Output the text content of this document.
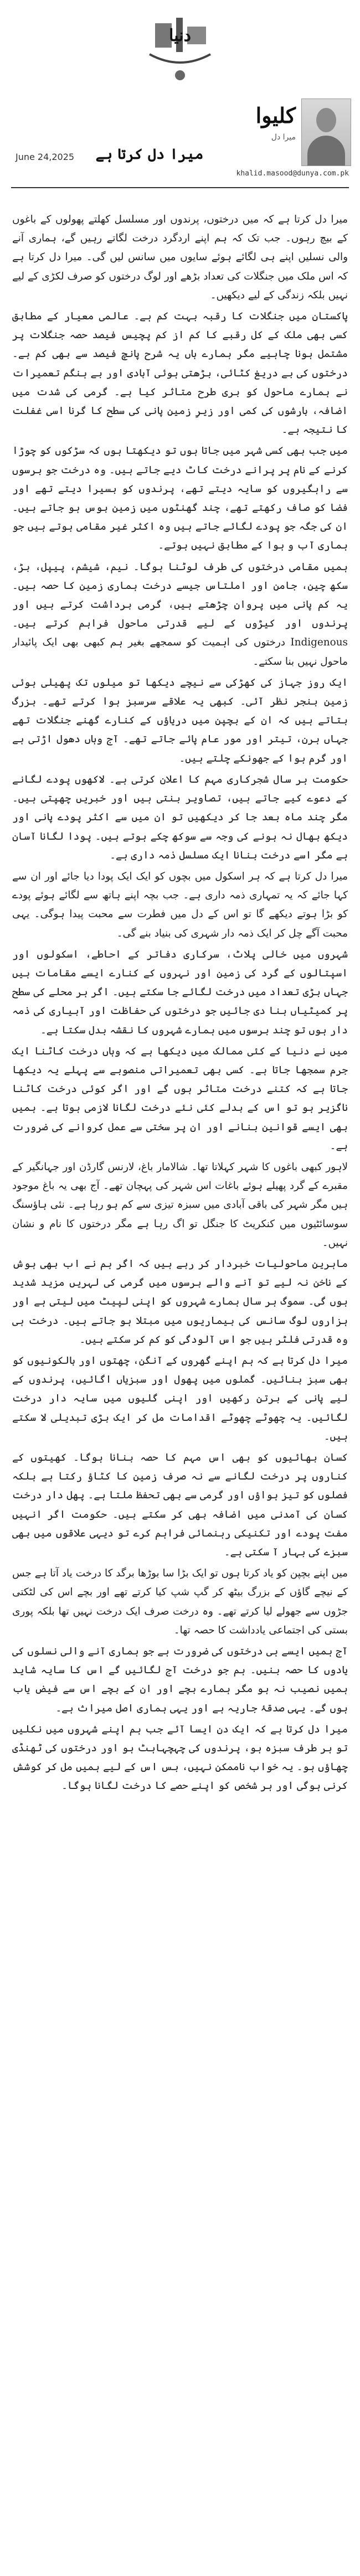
دنیا
کلیوا
میرا دل
khalid.masood@dunya.com.pk
June 24,2025	میرا دل کرتا ہے

میرا دل کرتا ہے کہ میں درختوں، پرندوں اور مسلسل کھلتے پھولوں کے باغوں کے بیچ رہوں۔ جب تک کہ ہم اپنے اردگرد درخت لگاتے رہیں گے، ہماری آنے والی نسلیں اپنے ہی لگائے ہوئے سایوں میں سانس لیں گی۔ میرا دل کرتا ہے کہ اس ملک میں جنگلات کی تعداد بڑھے اور لوگ درختوں کو صرف لکڑی کے لیے نہیں بلکہ زندگی کے لیے دیکھیں۔

پاکستان میں جنگلات کا رقبہ بہت کم ہے۔ عالمی معیار کے مطابق کسی بھی ملک کے کل رقبے کا کم از کم پچیس فیصد حصہ جنگلات پر مشتمل ہونا چاہیے مگر ہمارے ہاں یہ شرح پانچ فیصد سے بھی کم ہے۔ درختوں کی بے دریغ کٹائی، بڑھتی ہوئی آبادی اور بے ہنگم تعمیرات نے ہمارے ماحول کو بری طرح متاثر کیا ہے۔ گرمی کی شدت میں اضافہ، بارشوں کی کمی اور زیرِ زمین پانی کی سطح کا گرنا اسی غفلت کا نتیجہ ہے۔

میں جب بھی کسی شہر میں جاتا ہوں تو دیکھتا ہوں کہ سڑکوں کو چوڑا کرنے کے نام پر پرانے درخت کاٹ دیے جاتے ہیں۔ وہ درخت جو برسوں سے راہگیروں کو سایہ دیتے تھے، پرندوں کو بسیرا دیتے تھے اور فضا کو صاف رکھتے تھے، چند گھنٹوں میں زمین بوس ہو جاتے ہیں۔ ان کی جگہ جو پودے لگائے جاتے ہیں وہ اکثر غیر مقامی ہوتے ہیں جو ہماری آب و ہوا کے مطابق نہیں ہوتے۔

ہمیں مقامی درختوں کی طرف لوٹنا ہوگا۔ نیم، شیشم، پیپل، بڑ، سکھ چین، جامن اور املتاس جیسے درخت ہماری زمین کا حصہ ہیں۔ یہ کم پانی میں پروان چڑھتے ہیں، گرمی برداشت کرتے ہیں اور پرندوں اور کیڑوں کے لیے قدرتی ماحول فراہم کرتے ہیں۔ Indigenous درختوں کی اہمیت کو سمجھے بغیر ہم کبھی بھی ایک پائیدار ماحول نہیں بنا سکتے۔

ایک روز جہاز کی کھڑکی سے نیچے دیکھا تو میلوں تک پھیلی ہوئی زمین بنجر نظر آئی۔ کبھی یہ علاقے سرسبز ہوا کرتے تھے۔ بزرگ بتاتے ہیں کہ ان کے بچپن میں دریاؤں کے کنارے گھنے جنگلات تھے جہاں ہرن، تیتر اور مور عام پائے جاتے تھے۔ آج وہاں دھول اڑتی ہے اور گرم ہوا کے جھونکے چلتے ہیں۔

حکومت ہر سال شجرکاری مہم کا اعلان کرتی ہے۔ لاکھوں پودے لگانے کے دعوے کیے جاتے ہیں، تصاویر بنتی ہیں اور خبریں چھپتی ہیں۔ مگر چند ماہ بعد جا کر دیکھیں تو ان میں سے اکثر پودے پانی اور دیکھ بھال نہ ہونے کی وجہ سے سوکھ چکے ہوتے ہیں۔ پودا لگانا آسان ہے مگر اسے درخت بنانا ایک مسلسل ذمہ داری ہے۔

میرا دل کرتا ہے کہ ہر اسکول میں بچوں کو ایک ایک پودا دیا جائے اور ان سے کہا جائے کہ یہ تمہاری ذمہ داری ہے۔ جب بچہ اپنے ہاتھ سے لگائے ہوئے پودے کو بڑا ہوتے دیکھے گا تو اس کے دل میں فطرت سے محبت پیدا ہوگی۔ یہی محبت آگے چل کر ایک ذمہ دار شہری کی بنیاد بنے گی۔

شہروں میں خالی پلاٹ، سرکاری دفاتر کے احاطے، اسکولوں اور اسپتالوں کے گرد کی زمین اور نہروں کے کنارے ایسے مقامات ہیں جہاں بڑی تعداد میں درخت لگائے جا سکتے ہیں۔ اگر ہر محلے کی سطح پر کمیٹیاں بنا دی جائیں جو درختوں کی حفاظت اور آبیاری کی ذمہ دار ہوں تو چند برسوں میں ہمارے شہروں کا نقشہ بدل سکتا ہے۔

میں نے دنیا کے کئی ممالک میں دیکھا ہے کہ وہاں درخت کاٹنا ایک جرم سمجھا جاتا ہے۔ کسی بھی تعمیراتی منصوبے سے پہلے یہ دیکھا جاتا ہے کہ کتنے درخت متاثر ہوں گے اور اگر کوئی درخت کاٹنا ناگزیر ہو تو اس کے بدلے کئی نئے درخت لگانا لازمی ہوتا ہے۔ ہمیں بھی ایسے قوانین بنانے اور ان پر سختی سے عمل کروانے کی ضرورت ہے۔

لاہور کبھی باغوں کا شہر کہلاتا تھا۔ شالامار باغ، لارنس گارڈن اور جہانگیر کے مقبرے کے گرد پھیلے ہوئے باغات اس شہر کی پہچان تھے۔ آج بھی یہ باغ موجود ہیں مگر شہر کی باقی آبادی میں سبزہ تیزی سے کم ہو رہا ہے۔ نئی ہاؤسنگ سوسائٹیوں میں کنکریٹ کا جنگل تو اگ رہا ہے مگر درختوں کا نام و نشان نہیں۔

ماہرینِ ماحولیات خبردار کر رہے ہیں کہ اگر ہم نے اب بھی ہوش کے ناخن نہ لیے تو آنے والے برسوں میں گرمی کی لہریں مزید شدید ہوں گی۔ سموگ ہر سال ہمارے شہروں کو اپنی لپیٹ میں لیتی ہے اور ہزاروں لوگ سانس کی بیماریوں میں مبتلا ہو جاتے ہیں۔ درخت ہی وہ قدرتی فلٹر ہیں جو اس آلودگی کو کم کر سکتے ہیں۔

میرا دل کرتا ہے کہ ہم اپنے گھروں کے آنگن، چھتوں اور بالکونیوں کو بھی سبز بنائیں۔ گملوں میں پھول اور سبزیاں اگائیں، پرندوں کے لیے پانی کے برتن رکھیں اور اپنی گلیوں میں سایہ دار درخت لگائیں۔ یہ چھوٹے چھوٹے اقدامات مل کر ایک بڑی تبدیلی لا سکتے ہیں۔

کسان بھائیوں کو بھی اس مہم کا حصہ بنانا ہوگا۔ کھیتوں کے کناروں پر درخت لگانے سے نہ صرف زمین کا کٹاؤ رکتا ہے بلکہ فصلوں کو تیز ہواؤں اور گرمی سے بھی تحفظ ملتا ہے۔ پھل دار درخت کسان کی آمدنی میں اضافہ بھی کر سکتے ہیں۔ حکومت اگر انہیں مفت پودے اور تکنیکی رہنمائی فراہم کرے تو دیہی علاقوں میں بھی سبزے کی بہار آ سکتی ہے۔

میں اپنے بچپن کو یاد کرتا ہوں تو ایک بڑا سا بوڑھا برگد کا درخت یاد آتا ہے جس کے نیچے گاؤں کے بزرگ بیٹھ کر گپ شپ کیا کرتے تھے اور بچے اس کی لٹکتی جڑوں سے جھولے لیا کرتے تھے۔ وہ درخت صرف ایک درخت نہیں تھا بلکہ پوری بستی کی اجتماعی یادداشت کا حصہ تھا۔

آج ہمیں ایسے ہی درختوں کی ضرورت ہے جو ہماری آنے والی نسلوں کی یادوں کا حصہ بنیں۔ ہم جو درخت آج لگائیں گے اس کا سایہ شاید ہمیں نصیب نہ ہو مگر ہمارے بچے اور ان کے بچے اس سے فیض یاب ہوں گے۔ یہی صدقۂ جاریہ ہے اور یہی ہماری اصل میراث ہے۔

میرا دل کرتا ہے کہ ایک دن ایسا آئے جب ہم اپنے شہروں میں نکلیں تو ہر طرف سبزہ ہو، پرندوں کی چہچہاہٹ ہو اور درختوں کی ٹھنڈی چھاؤں ہو۔ یہ خواب ناممکن نہیں، بس اس کے لیے ہمیں مل کر کوشش کرنی ہوگی اور ہر شخص کو اپنے حصے کا درخت لگانا ہوگا۔
